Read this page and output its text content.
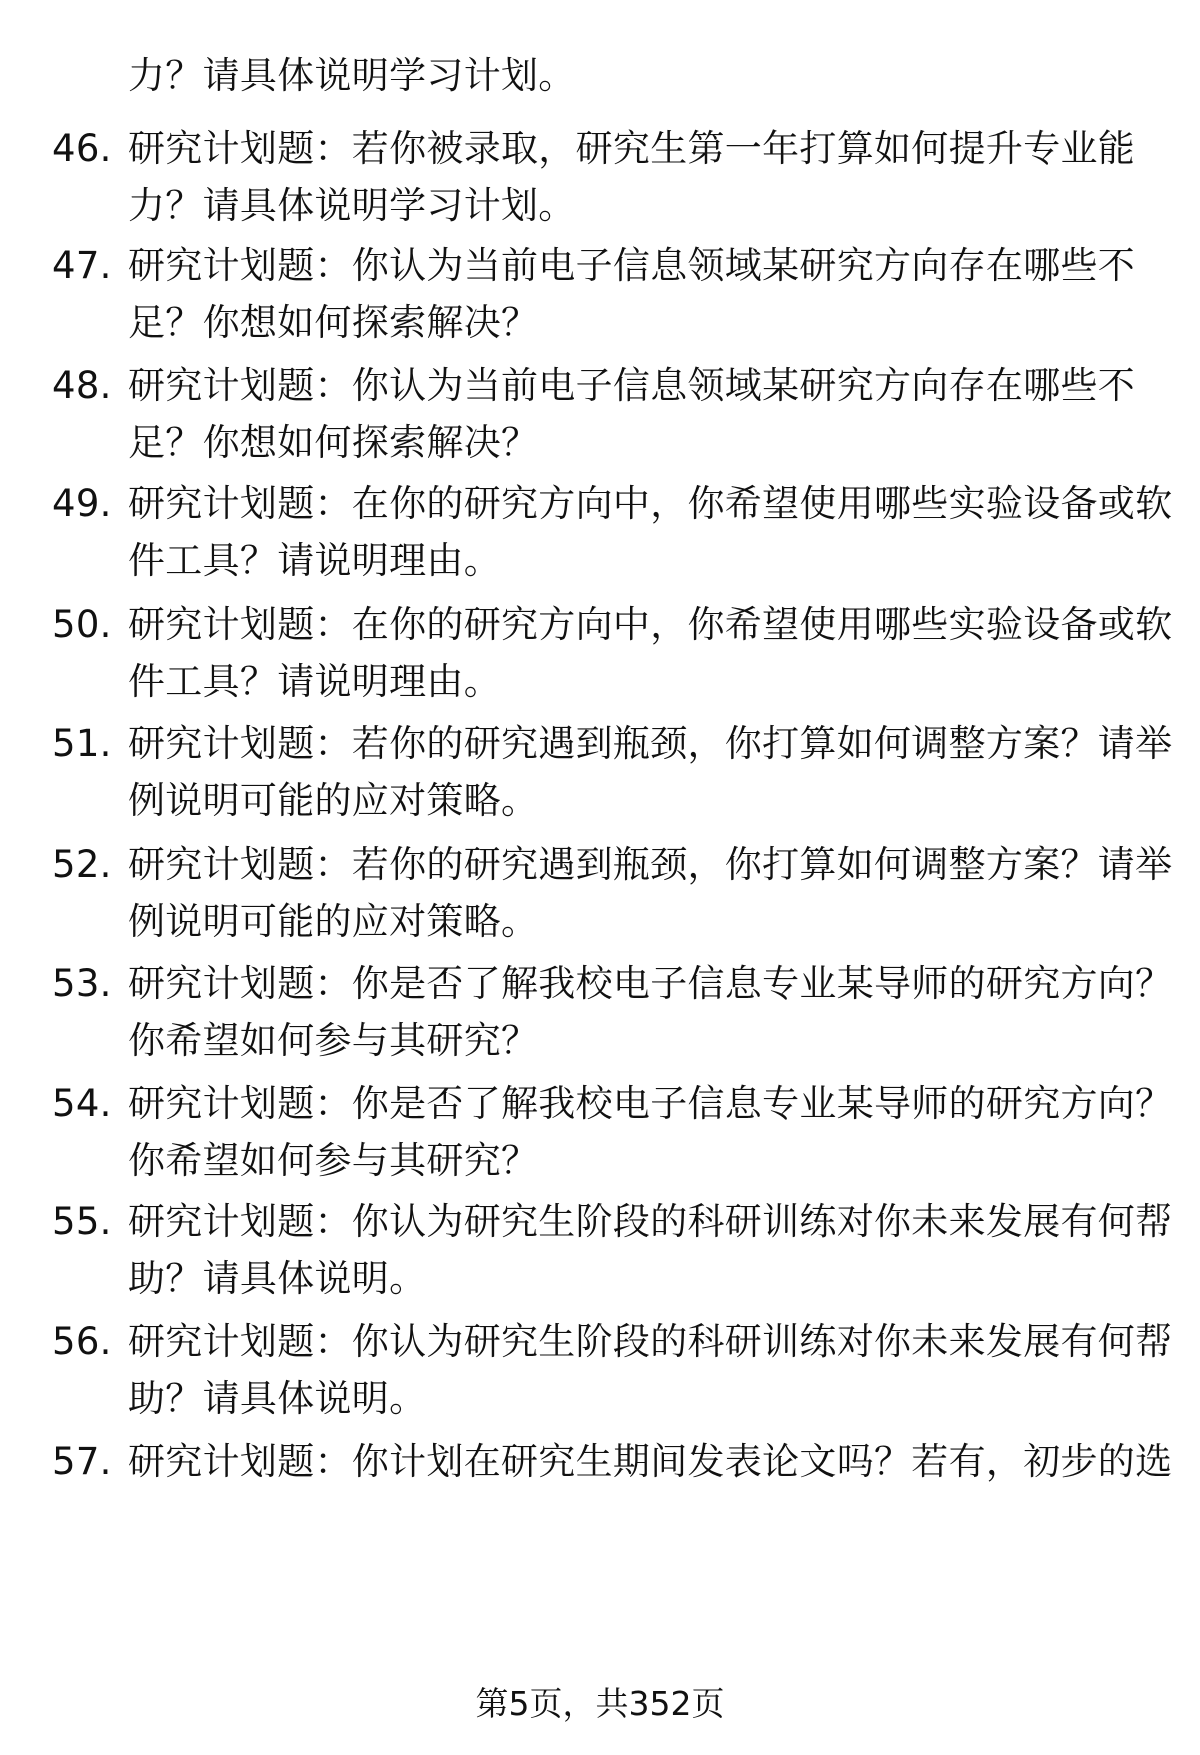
力？请具体说明学习计划。
46. 研究计划题：若你被录取，研究生第一年打算如何提升专业能
力？请具体说明学习计划。
47. 研究计划题：你认为当前电子信息领域某研究方向存在哪些不
足？你想如何探索解决？
48. 研究计划题：你认为当前电子信息领域某研究方向存在哪些不
足？你想如何探索解决？
49. 研究计划题：在你的研究方向中，你希望使用哪些实验设备或软
件工具？请说明理由。
50. 研究计划题：在你的研究方向中，你希望使用哪些实验设备或软
件工具？请说明理由。
51. 研究计划题：若你的研究遇到瓶颈，你打算如何调整方案？请举
例说明可能的应对策略。
52. 研究计划题：若你的研究遇到瓶颈，你打算如何调整方案？请举
例说明可能的应对策略。
53. 研究计划题：你是否了解我校电子信息专业某导师的研究方向？
你希望如何参与其研究？
54. 研究计划题：你是否了解我校电子信息专业某导师的研究方向？
你希望如何参与其研究？
55. 研究计划题：你认为研究生阶段的科研训练对你未来发展有何帮
助？请具体说明。
56. 研究计划题：你认为研究生阶段的科研训练对你未来发展有何帮
助？请具体说明。
57. 研究计划题：你计划在研究生期间发表论文吗？若有，初步的选
第5页，共352页
